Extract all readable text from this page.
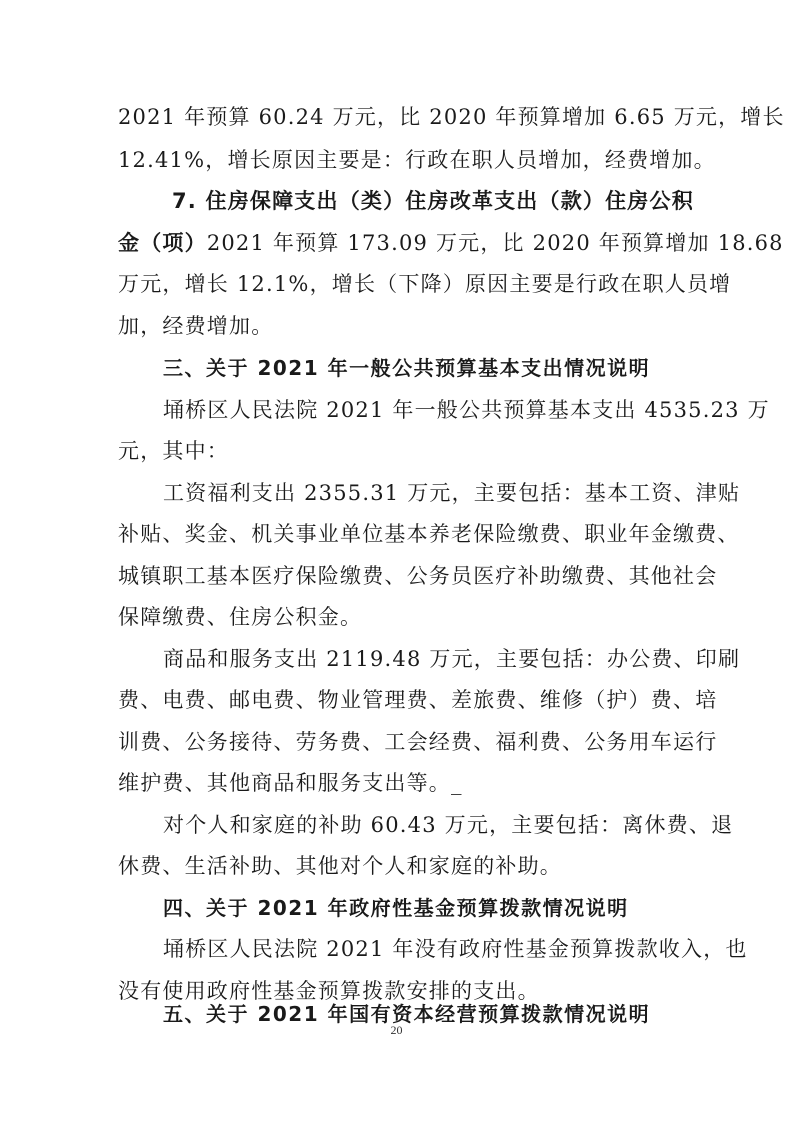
2021 年预算 60.24 万元，比 2020 年预算增加 6.65 万元，增长
12.41%，增长原因主要是：行政在职人员增加，经费增加。
7. 住房保障支出（类）住房改革支出（款）住房公积
金（项）2021 年预算 173.09 万元，比 2020 年预算增加 18.68
万元，增长 12.1%，增长（下降）原因主要是行政在职人员增
加，经费增加。
三、关于 2021 年一般公共预算基本支出情况说明
埇桥区人民法院 2021 年一般公共预算基本支出 4535.23 万
元，其中：
工资福利支出 2355.31 万元，主要包括：基本工资、津贴
补贴、奖金、机关事业单位基本养老保险缴费、职业年金缴费、
城镇职工基本医疗保险缴费、公务员医疗补助缴费、其他社会
保障缴费、住房公积金。
商品和服务支出 2119.48 万元，主要包括：办公费、印刷
费、电费、邮电费、物业管理费、差旅费、维修（护）费、培
训费、公务接待、劳务费、工会经费、福利费、公务用车运行
维护费、其他商品和服务支出等。_
对个人和家庭的补助 60.43 万元，主要包括：离休费、退
休费、生活补助、其他对个人和家庭的补助。
四、关于 2021 年政府性基金预算拨款情况说明
埇桥区人民法院 2021 年没有政府性基金预算拨款收入，也
没有使用政府性基金预算拨款安排的支出。
五、关于 2021 年国有资本经营预算拨款情况说明
20
